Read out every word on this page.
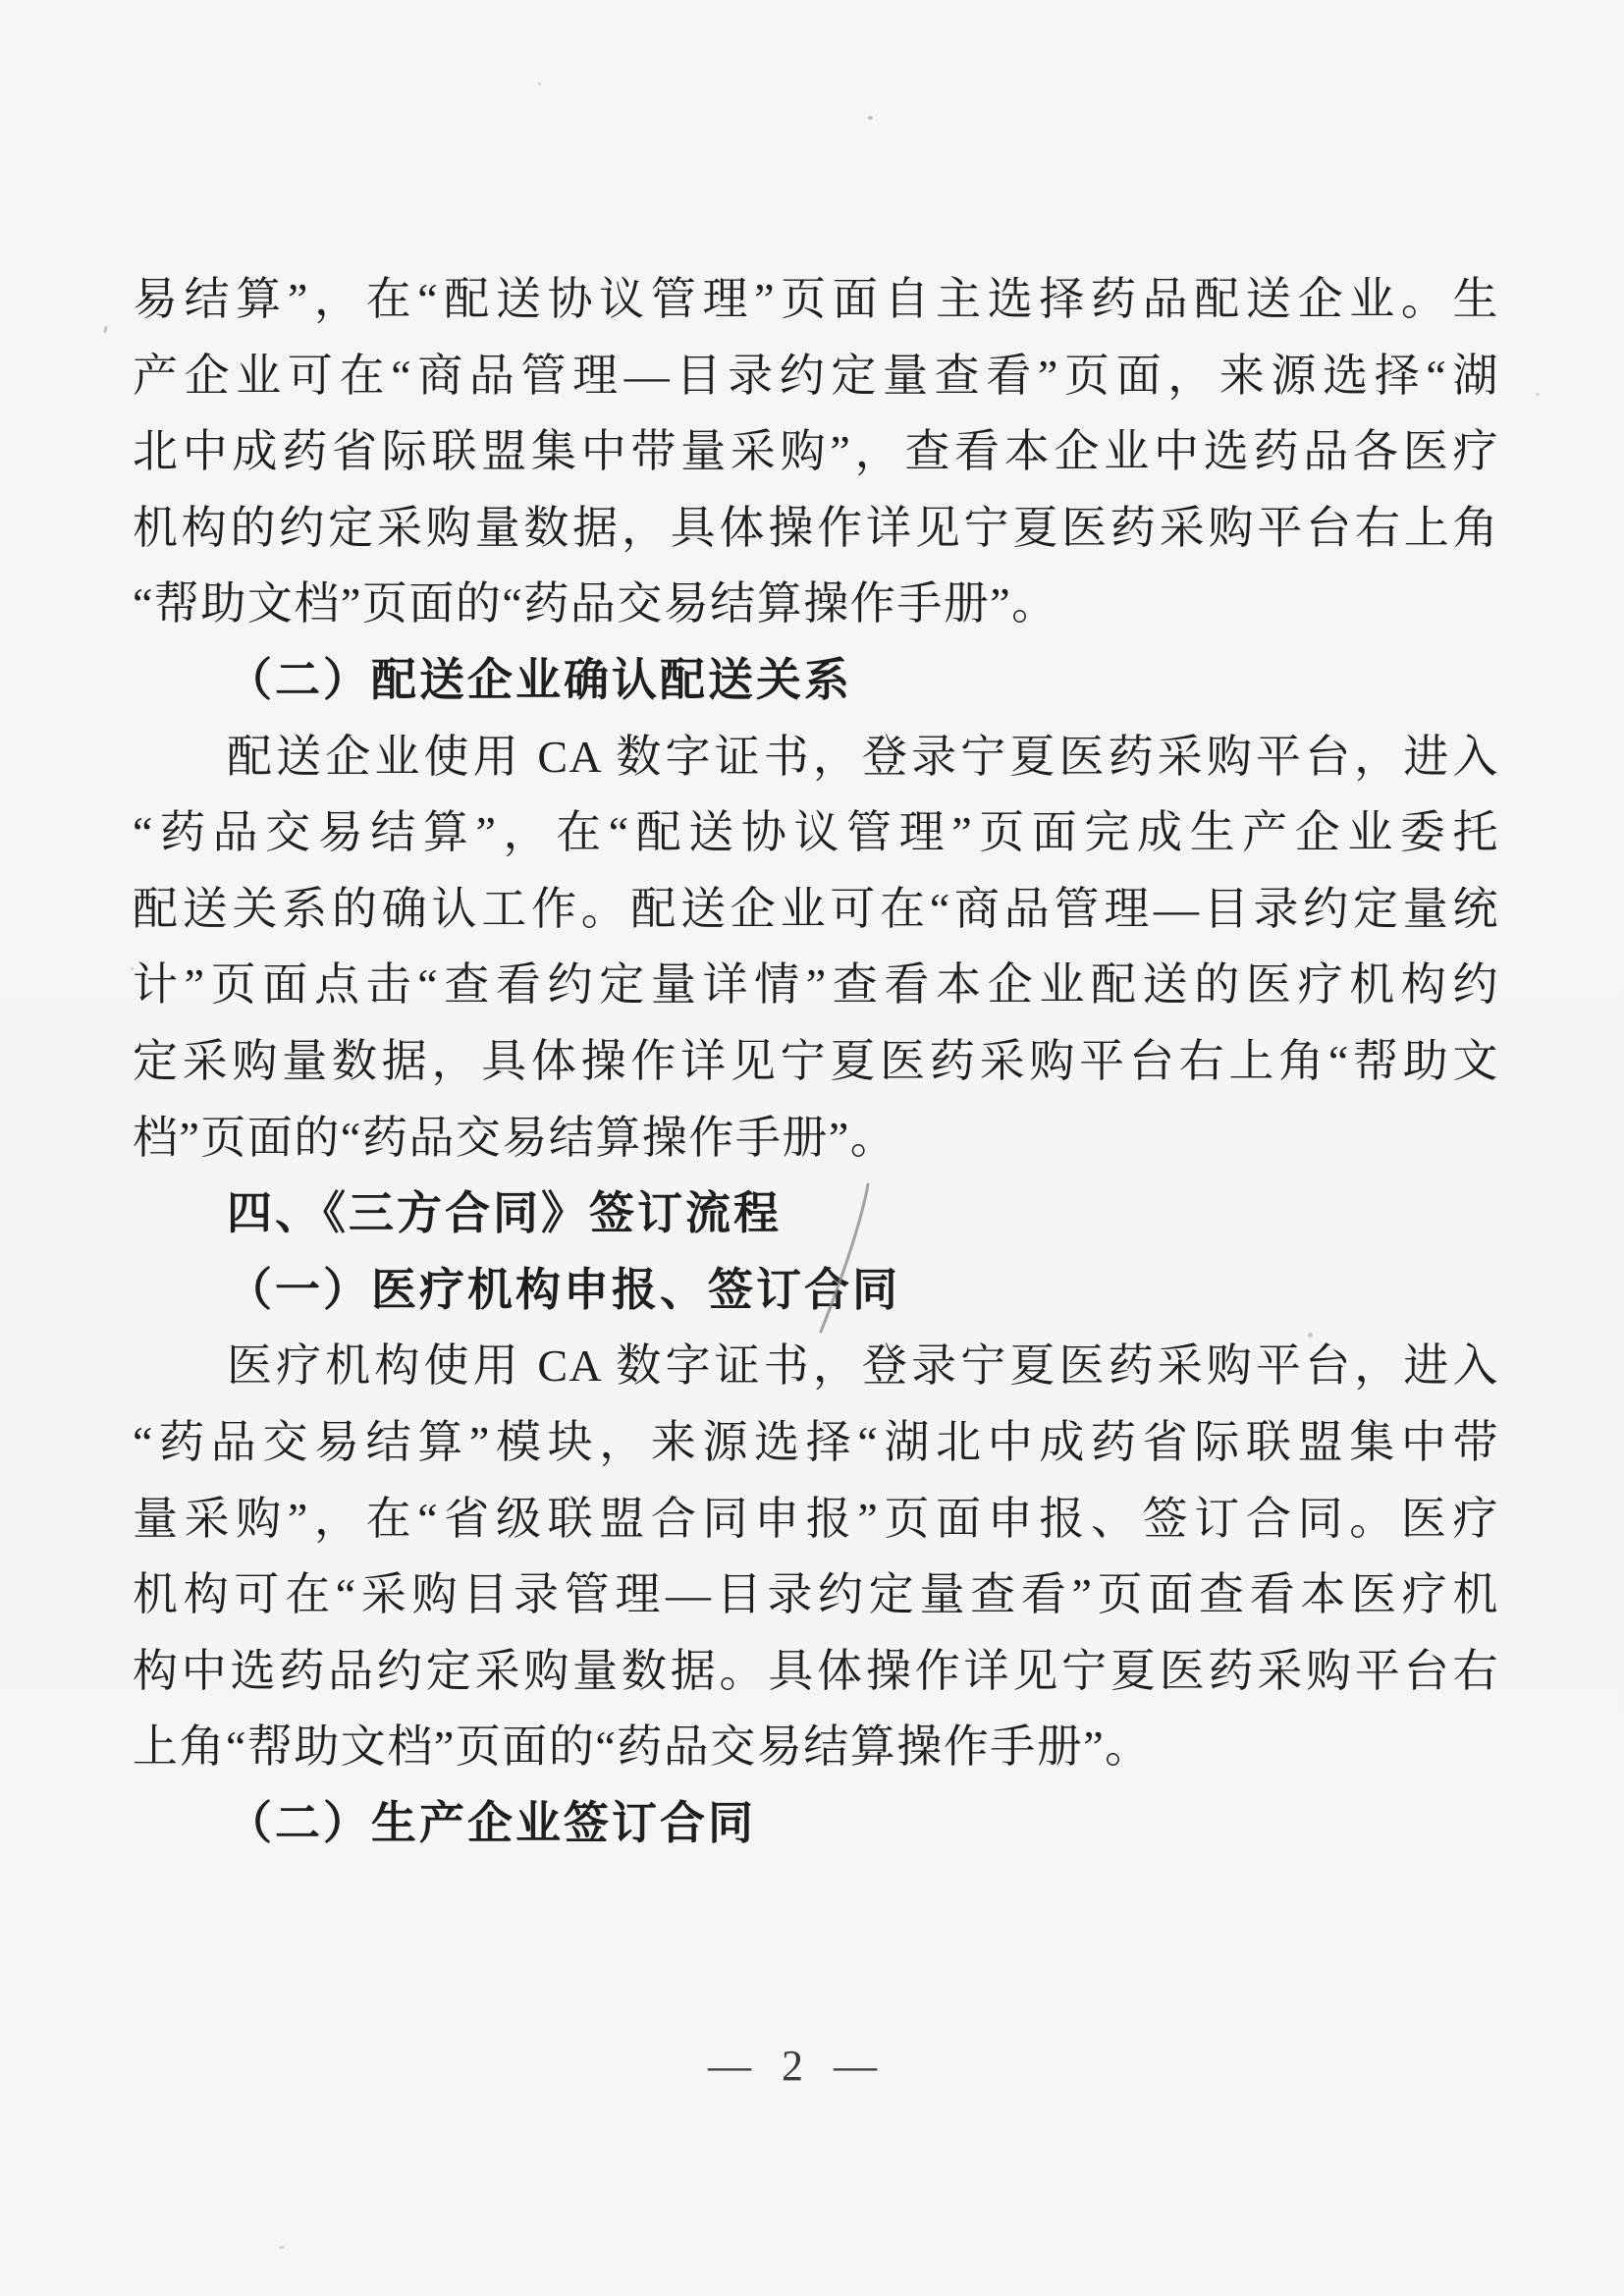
易结算”，在“配送协议管理”页面自主选择药品配送企业。生
产企业可在“商品管理—目录约定量查看”页面，来源选择“湖
北中成药省际联盟集中带量采购”，查看本企业中选药品各医疗
机构的约定采购量数据，具体操作详见宁夏医药采购平台右上角
“帮助文档”页面的“药品交易结算操作手册”。
（二）配送企业确认配送关系
配送企业使用 CA 数字证书，登录宁夏医药采购平台，进入
“药品交易结算”，在“配送协议管理”页面完成生产企业委托
配送关系的确认工作。配送企业可在“商品管理—目录约定量统
计”页面点击“查看约定量详情”查看本企业配送的医疗机构约
定采购量数据，具体操作详见宁夏医药采购平台右上角“帮助文
档”页面的“药品交易结算操作手册”。
四、《三方合同》签订流程
（一）医疗机构申报、签订合同
医疗机构使用 CA 数字证书，登录宁夏医药采购平台，进入
“药品交易结算”模块，来源选择“湖北中成药省际联盟集中带
量采购”，在“省级联盟合同申报”页面申报、签订合同。医疗
机构可在“采购目录管理—目录约定量查看”页面查看本医疗机
构中选药品约定采购量数据。具体操作详见宁夏医药采购平台右
上角“帮助文档”页面的“药品交易结算操作手册”。
（二）生产企业签订合同
— 2 —
